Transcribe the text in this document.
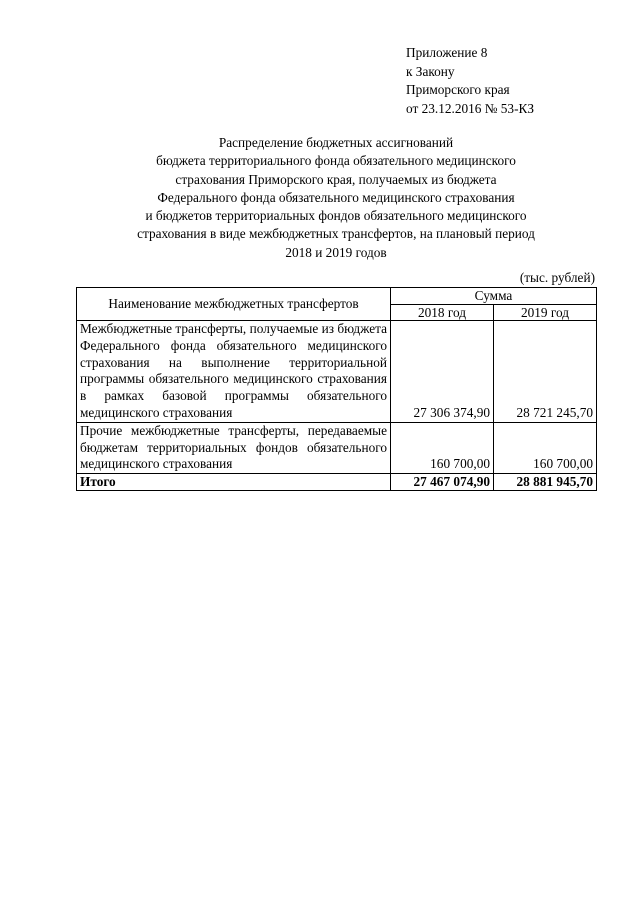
Приложение 8
к Закону
Приморского края
от 23.12.2016 № 53-КЗ
Распределение бюджетных ассигнований
бюджета территориального фонда обязательного медицинского
страхования Приморского края, получаемых из бюджета
Федерального фонда обязательного медицинского страхования
и бюджетов территориальных фондов обязательного медицинского
страхования в виде межбюджетных трансфертов, на плановый период
2018 и 2019 годов
(тыс. рублей)
Наименование межбюджетных трансфертов	Сумма	
	2018 год	2019 год
Межбюджетные трансферты, получаемые из бюджета Федерального фонда обязательного медицинского страхования на выполнение территориальной программы обязательного медицинского страхования в рамках базовой программы обязательного медицинского страхования	27 306 374,90	28 721 245,70
Прочие межбюджетные трансферты, передаваемые бюджетам территориальных фондов обязательного медицинского страхования	160 700,00	160 700,00
Итого	27 467 074,90	28 881 945,70
